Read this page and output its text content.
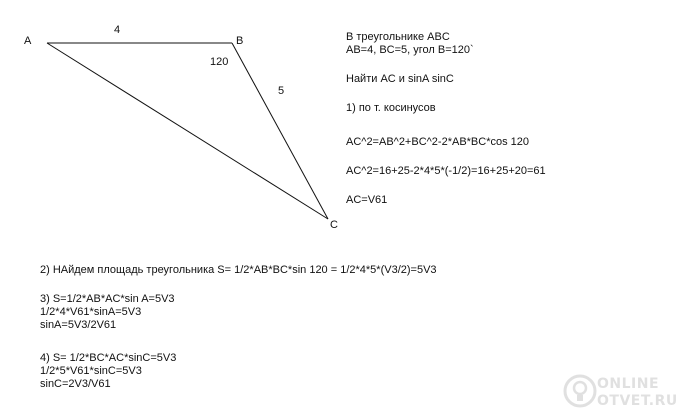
A	B
C
4
5
120
В треугольнике ABC
AB=4, BC=5, угол B=120`
Найти AC и sinA sinC
1) по т. косинусов
AC^2=AB^2+BC^2-2*AB*BC*cos 120
AC^2=16+25-2*4*5*(-1/2)=16+25+20=61
AC=V61
2) НАйдем площадь треугольника S= 1/2*AB*BC*sin 120 = 1/2*4*5*(V3/2)=5V3
3) S=1/2*AB*AC*sin A=5V3
1/2*4*V61*sinA=5V3
sinA=5V3/2V61
4) S= 1/2*BC*AC*sinC=5V3
1/2*5*V61*sinC=5V3
sinC=2V3/V61	ONLINE
OTVET.RU
